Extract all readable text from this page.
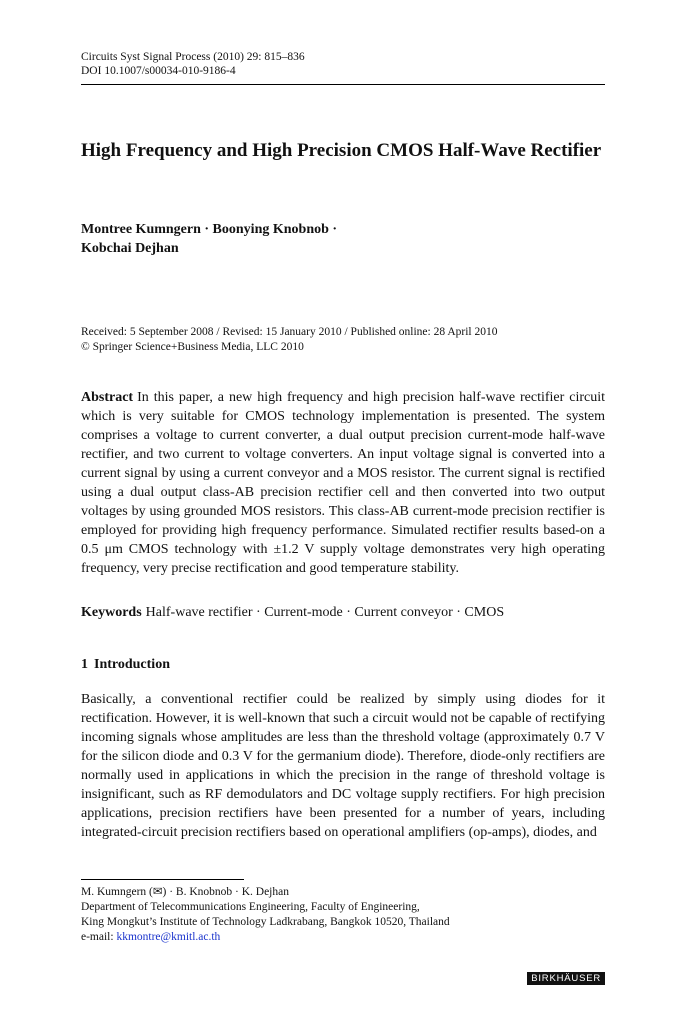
Circuits Syst Signal Process (2010) 29: 815–836
DOI 10.1007/s00034-010-9186-4
High Frequency and High Precision CMOS Half-Wave Rectifier
Montree Kumngern · Boonying Knobnob ·
Kobchai Dejhan
Received: 5 September 2008 / Revised: 15 January 2010 / Published online: 28 April 2010
© Springer Science+Business Media, LLC 2010

Abstract In this paper, a new high frequency and high precision half-wave rectifier circuit which is very suitable for CMOS technology implementation is presented. The system comprises a voltage to current converter, a dual output precision current-mode half-wave rectifier, and two current to voltage converters. An input voltage signal is converted into a current signal by using a current conveyor and a MOS resistor. The current signal is rectified using a dual output class-AB precision rectifier cell and then converted into two output voltages by using grounded MOS resistors. This class-AB current-mode precision rectifier is employed for providing high frequency performance. Simulated rectifier results based-on a 0.5 μm CMOS technology with ±1.2 V supply voltage demonstrates very high operating frequency, very precise rectification and good temperature stability.

Keywords Half-wave rectifier · Current-mode · Current conveyor · CMOS
1 Introduction

Basically, a conventional rectifier could be realized by simply using diodes for it rectification. However, it is well-known that such a circuit would not be capable of rectifying incoming signals whose amplitudes are less than the threshold voltage (approximately 0.7 V for the silicon diode and 0.3 V for the germanium diode). Therefore, diode-only rectifiers are normally used in applications in which the precision in the range of threshold voltage is insignificant, such as RF demodulators and DC voltage supply rectifiers. For high precision applications, precision rectifiers have been presented for a number of years, including integrated-circuit precision rectifiers based on operational amplifiers (op-amps), diodes, and

M. Kumngern (✉) · B. Knobnob · K. Dejhan
Department of Telecommunications Engineering, Faculty of Engineering,
King Mongkut’s Institute of Technology Ladkrabang, Bangkok 10520, Thailand
e-mail: kkmontre@kmitl.ac.th
BIRKHÄUSER
